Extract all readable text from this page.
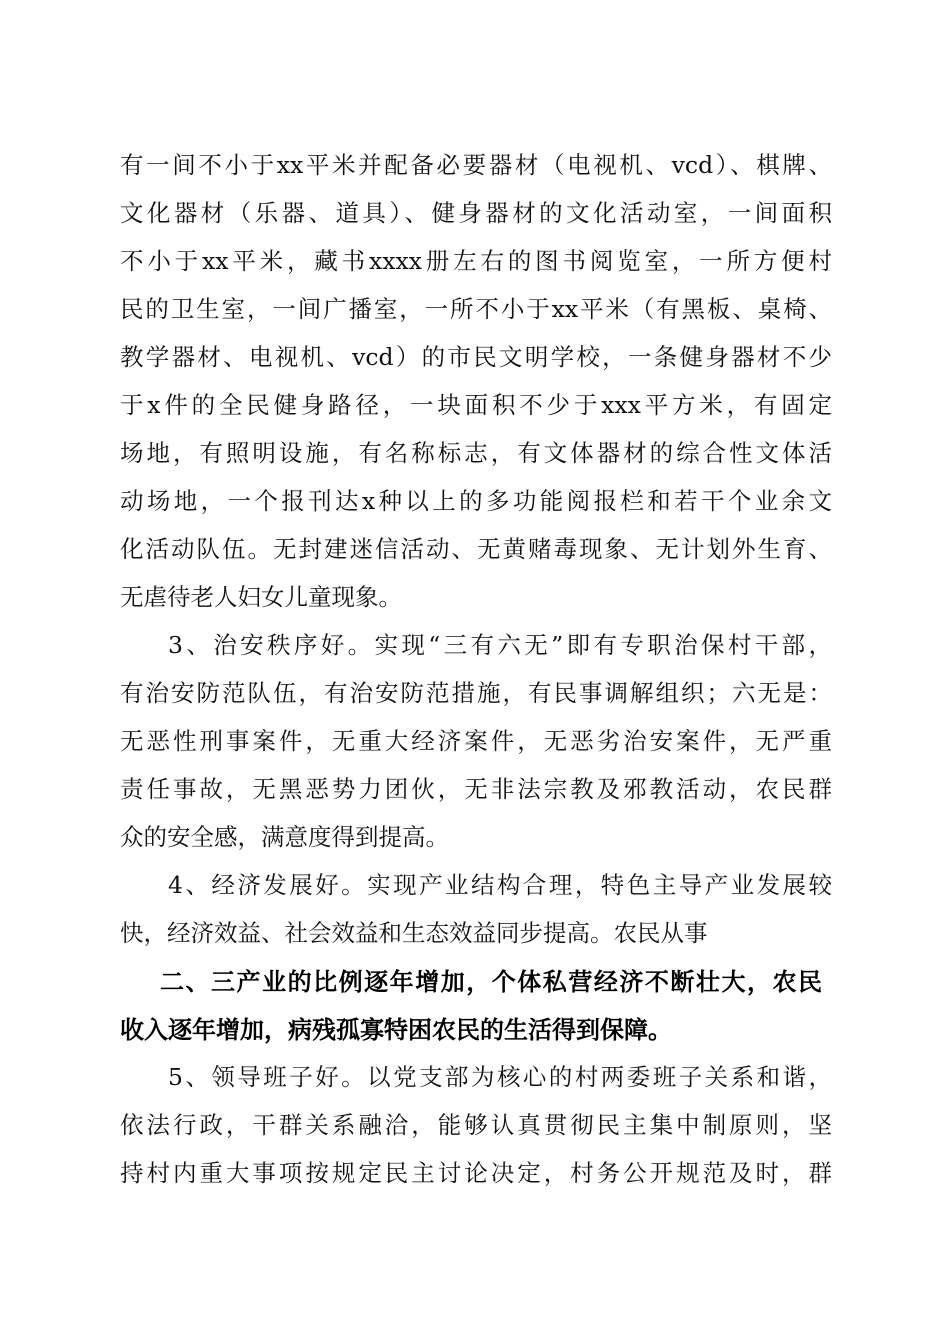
有一间不小于xx平米并配备必要器材（电视机、vcd）、棋牌、
文化器材（乐器、道具）、健身器材的文化活动室，一间面积
不小于xx平米，藏书xxxx册左右的图书阅览室，一所方便村
民的卫生室，一间广播室，一所不小于xx平米（有黑板、桌椅、
教学器材、电视机、vcd）的市民文明学校，一条健身器材不少
于x件的全民健身路径，一块面积不少于xxx平方米，有固定
场地，有照明设施，有名称标志，有文体器材的综合性文体活
动场地，一个报刊达x种以上的多功能阅报栏和若干个业余文
化活动队伍。无封建迷信活动、无黄赌毒现象、无计划外生育、
无虐待老人妇女儿童现象。
3、治安秩序好。实现“三有六无”即有专职治保村干部，
有治安防范队伍，有治安防范措施，有民事调解组织；六无是：
无恶性刑事案件，无重大经济案件，无恶劣治安案件，无严重
责任事故，无黑恶势力团伙，无非法宗教及邪教活动，农民群
众的安全感，满意度得到提高。
4、经济发展好。实现产业结构合理，特色主导产业发展较
快，经济效益、社会效益和生态效益同步提高。农民从事
二、三产业的比例逐年增加，个体私营经济不断壮大，农民
收入逐年增加，病残孤寡特困农民的生活得到保障。
5、领导班子好。以党支部为核心的村两委班子关系和谐，
依法行政，干群关系融洽，能够认真贯彻民主集中制原则，坚
持村内重大事项按规定民主讨论决定，村务公开规范及时，群
